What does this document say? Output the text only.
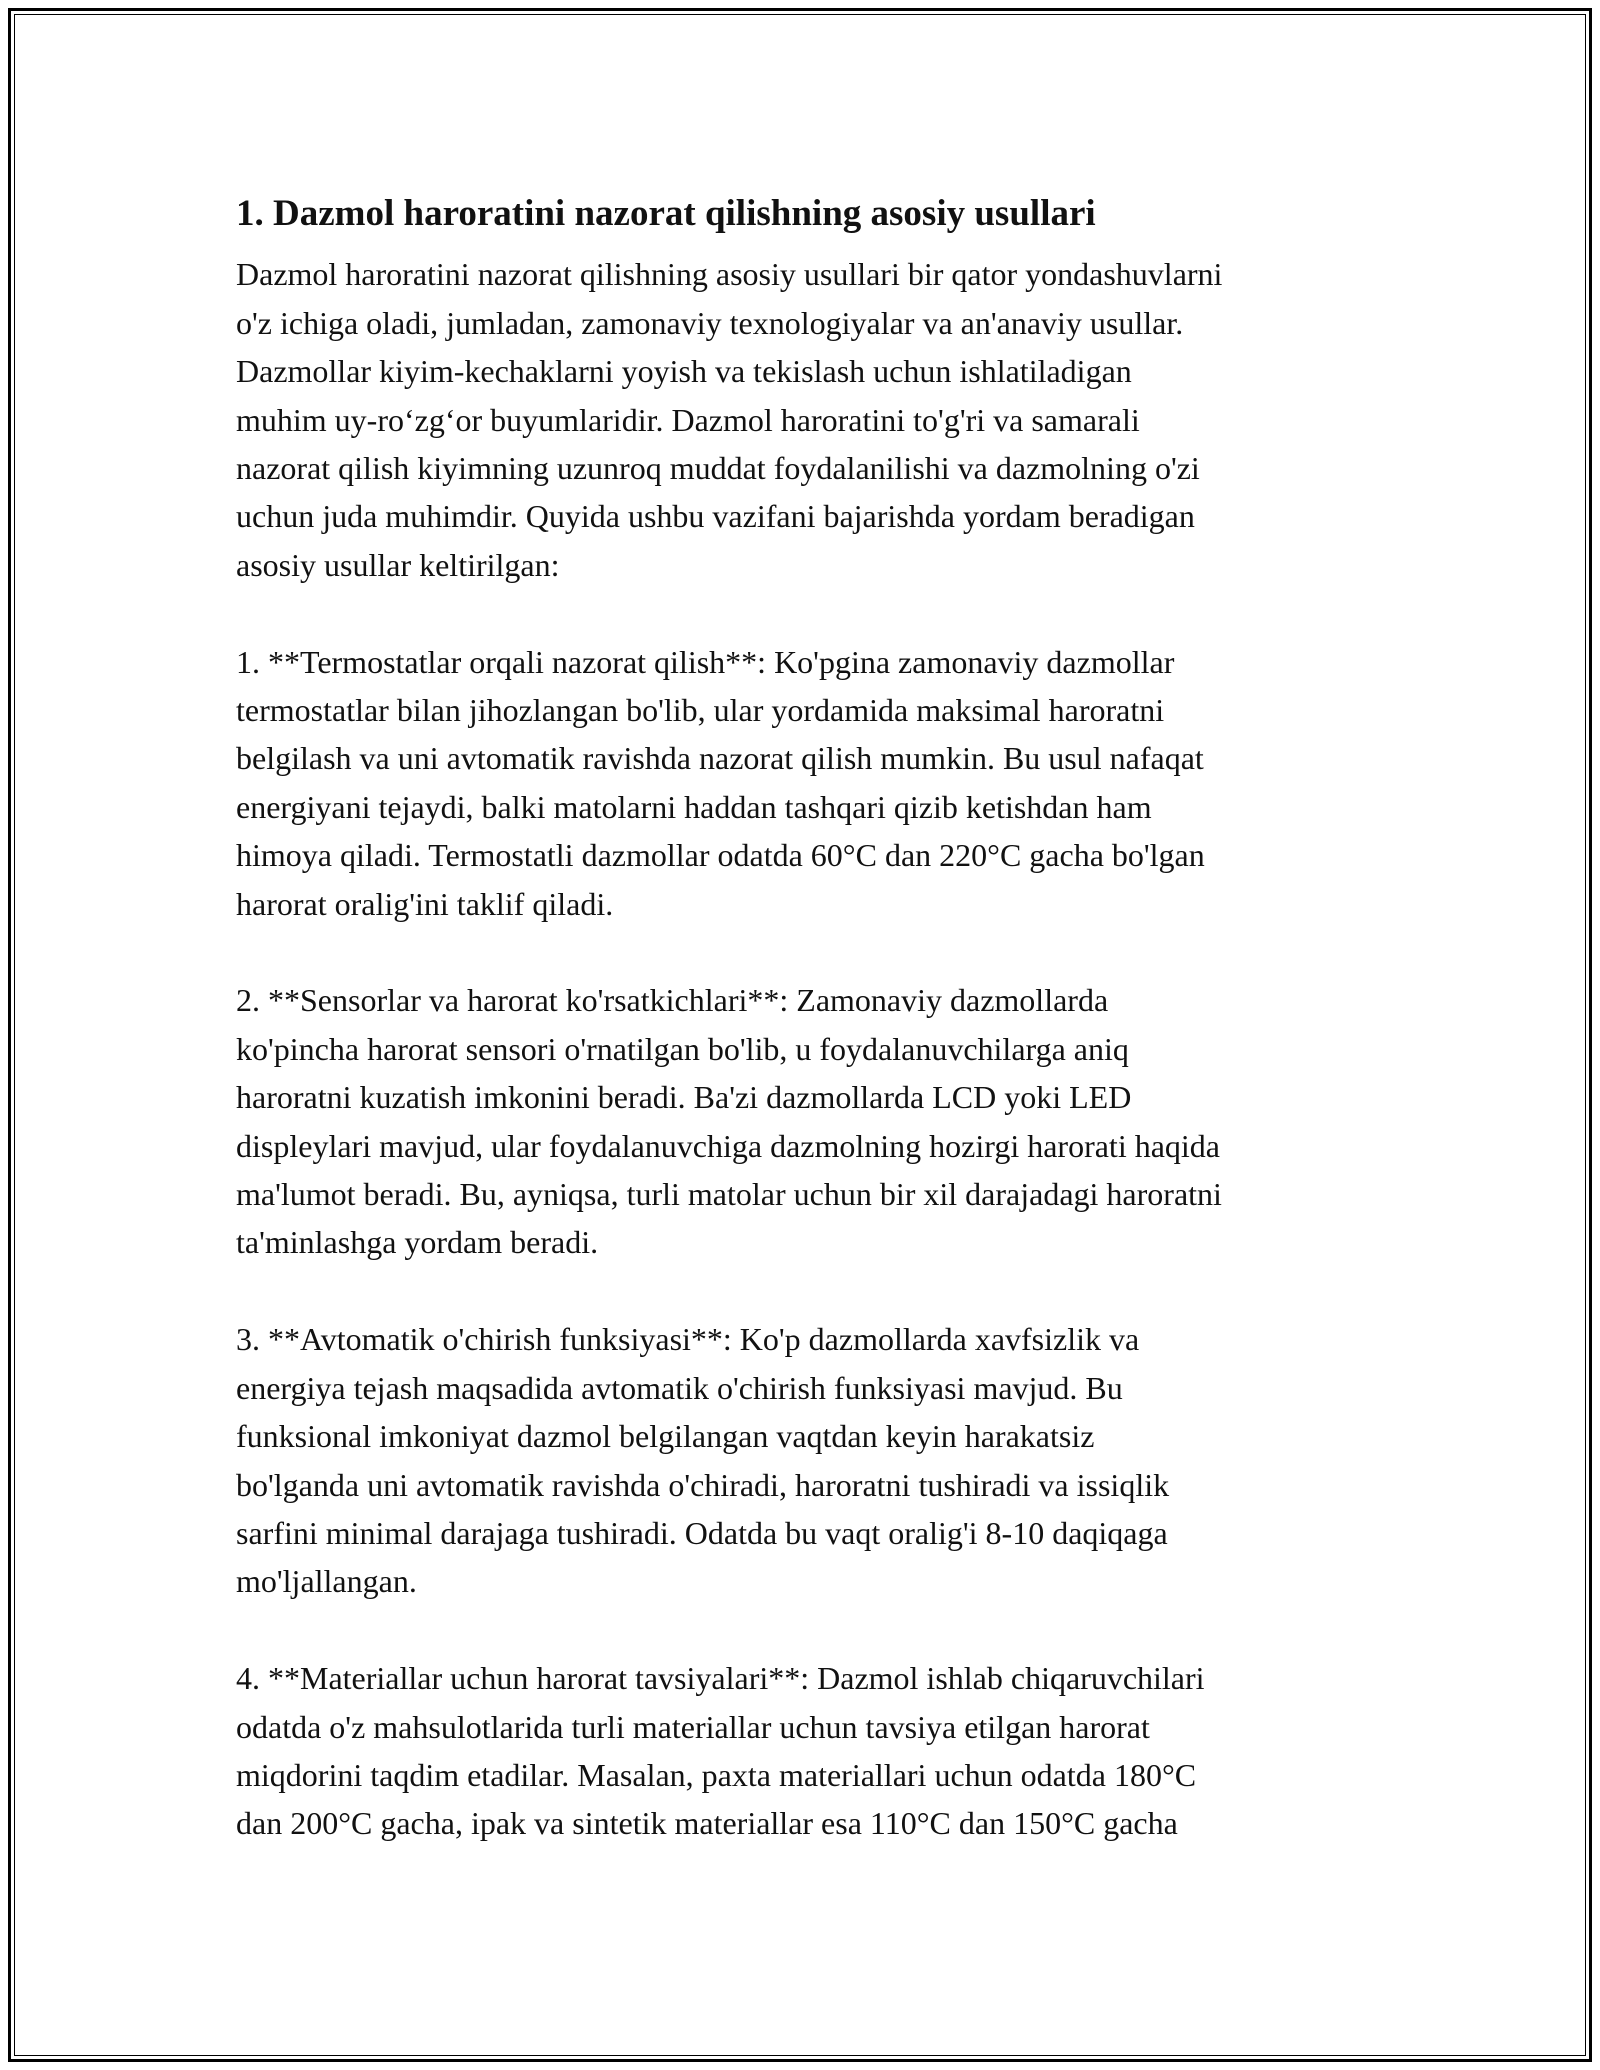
1. Dazmol haroratini nazorat qilishning asosiy usullari

Dazmol haroratini nazorat qilishning asosiy usullari bir qator yondashuvlarni
o'z ichiga oladi, jumladan, zamonaviy texnologiyalar va an'anaviy usullar.
Dazmollar kiyim-kechaklarni yoyish va tekislash uchun ishlatiladigan
muhim uy-ro‘zg‘or buyumlaridir. Dazmol haroratini to'g'ri va samarali
nazorat qilish kiyimning uzunroq muddat foydalanilishi va dazmolning o'zi
uchun juda muhimdir. Quyida ushbu vazifani bajarishda yordam beradigan
asosiy usullar keltirilgan:

1. **Termostatlar orqali nazorat qilish**: Ko'pgina zamonaviy dazmollar
termostatlar bilan jihozlangan bo'lib, ular yordamida maksimal haroratni
belgilash va uni avtomatik ravishda nazorat qilish mumkin. Bu usul nafaqat
energiyani tejaydi, balki matolarni haddan tashqari qizib ketishdan ham
himoya qiladi. Termostatli dazmollar odatda 60°C dan 220°C gacha bo'lgan
harorat oralig'ini taklif qiladi.

2. **Sensorlar va harorat ko'rsatkichlari**: Zamonaviy dazmollarda
ko'pincha harorat sensori o'rnatilgan bo'lib, u foydalanuvchilarga aniq
haroratni kuzatish imkonini beradi. Ba'zi dazmollarda LCD yoki LED
displeylari mavjud, ular foydalanuvchiga dazmolning hozirgi harorati haqida
ma'lumot beradi. Bu, ayniqsa, turli matolar uchun bir xil darajadagi haroratni
ta'minlashga yordam beradi.

3. **Avtomatik o'chirish funksiyasi**: Ko'p dazmollarda xavfsizlik va
energiya tejash maqsadida avtomatik o'chirish funksiyasi mavjud. Bu
funksional imkoniyat dazmol belgilangan vaqtdan keyin harakatsiz
bo'lganda uni avtomatik ravishda o'chiradi, haroratni tushiradi va issiqlik
sarfini minimal darajaga tushiradi. Odatda bu vaqt oralig'i 8-10 daqiqaga
mo'ljallangan.

4. **Materiallar uchun harorat tavsiyalari**: Dazmol ishlab chiqaruvchilari
odatda o'z mahsulotlarida turli materiallar uchun tavsiya etilgan harorat
miqdorini taqdim etadilar. Masalan, paxta materiallari uchun odatda 180°C
dan 200°C gacha, ipak va sintetik materiallar esa 110°C dan 150°C gacha
